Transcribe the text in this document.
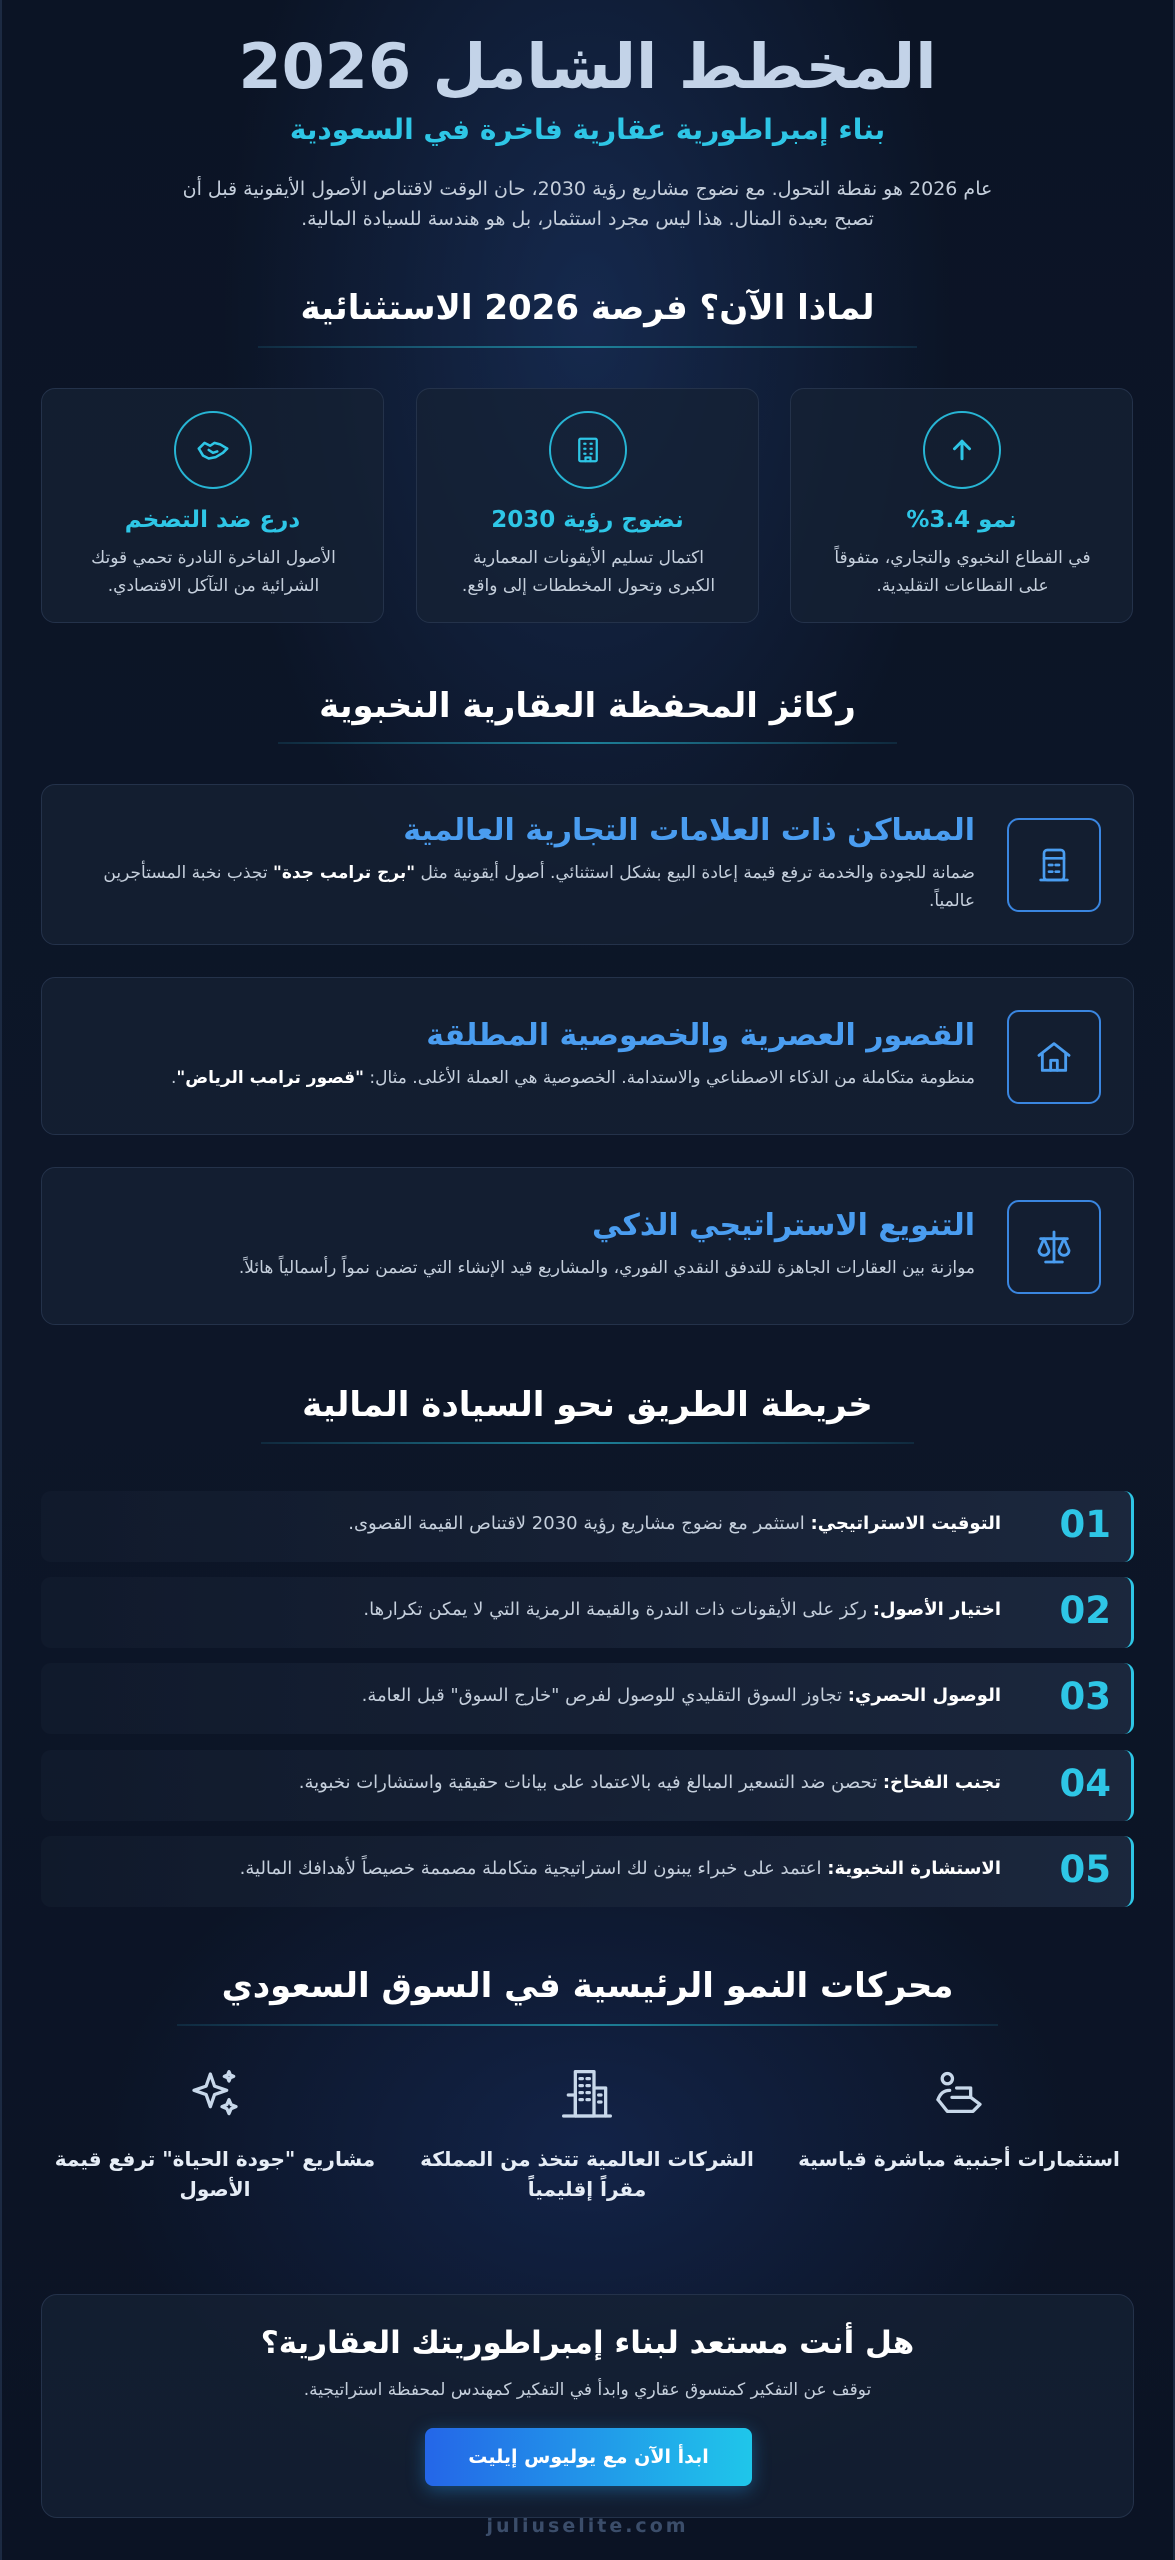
المخطط الشامل 2026
بناء إمبراطورية عقارية فاخرة في السعودية

عام 2026 هو نقطة التحول. مع نضوج مشاريع رؤية 2030، حان الوقت لاقتناص الأصول الأيقونية قبل أن تصبح بعيدة المنال. هذا ليس مجرد استثمار، بل هو هندسة للسيادة المالية.

لماذا الآن؟ فرصة 2026 الاستثنائية
نمو 3.4%
في القطاع النخبوي والتجاري، متفوقاً على القطاعات التقليدية.
نضوج رؤية 2030
اكتمال تسليم الأيقونات المعمارية الكبرى وتحول المخططات إلى واقع.
درع ضد التضخم
الأصول الفاخرة النادرة تحمي قوتك الشرائية من التآكل الاقتصادي.
ركائز المحفظة العقارية النخبوية
المساكن ذات العلامات التجارية العالمية
ضمانة للجودة والخدمة ترفع قيمة إعادة البيع بشكل استثنائي. أصول أيقونية مثل "برج ترامب جدة" تجذب نخبة المستأجرين عالمياً.
القصور العصرية والخصوصية المطلقة
منظومة متكاملة من الذكاء الاصطناعي والاستدامة. الخصوصية هي العملة الأغلى. مثال: "قصور ترامب الرياض".
التنويع الاستراتيجي الذكي
موازنة بين العقارات الجاهزة للتدفق النقدي الفوري، والمشاريع قيد الإنشاء التي تضمن نمواً رأسمالياً هائلاً.
خريطة الطريق نحو السيادة المالية
01
التوقيت الاستراتيجي: استثمر مع نضوج مشاريع رؤية 2030 لاقتناص القيمة القصوى.
02
اختيار الأصول: ركز على الأيقونات ذات الندرة والقيمة الرمزية التي لا يمكن تكرارها.
03
الوصول الحصري: تجاوز السوق التقليدي للوصول لفرص "خارج السوق" قبل العامة.
04
تجنب الفخاخ: تحصن ضد التسعير المبالغ فيه بالاعتماد على بيانات حقيقية واستشارات نخبوية.
05
الاستشارة النخبوية: اعتمد على خبراء يبنون لك استراتيجية متكاملة مصممة خصيصاً لأهدافك المالية.
محركات النمو الرئيسية في السوق السعودي
استثمارات أجنبية مباشرة قياسية
الشركات العالمية تتخذ من المملكة مقراً إقليمياً
مشاريع "جودة الحياة" ترفع قيمة الأصول
هل أنت مستعد لبناء إمبراطوريتك العقارية؟
توقف عن التفكير كمتسوق عقاري وابدأ في التفكير كمهندس لمحفظة استراتيجية.
ابدأ الآن مع يوليوس إيليت
juliuselite.com
